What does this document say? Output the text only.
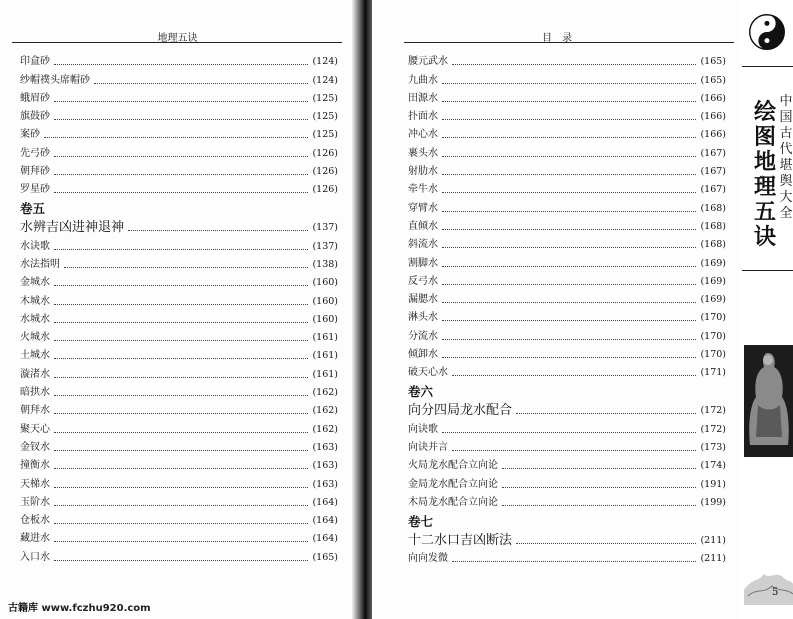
地理五诀
印盒砂	(124)
纱帽襆头席帽砂	(124)
蛾眉砂	(125)
旗鼓砂	(125)
案砂	(125)
先弓砂	(126)
朝拜砂	(126)
罗星砂	(126)
卷五
水辨吉凶进神退神	(137)
水诀歌	(137)
水法指明	(138)
金城水	(160)
木城水	(160)
水城水	(160)
火城水	(161)
土城水	(161)
漩渚水	(161)
暗拱水	(162)
朝拜水	(162)
聚天心	(162)
金钗水	(163)
撞衡水	(163)
天梯水	(163)
玉阶水	(164)
仓板水	(164)
藏进水	(164)
入口水	(165)
古籍库 www.fczhu920.com
目　录
腰元武水	(165)
九曲水	(165)
田源水	(166)
扑面水	(166)
冲心水	(166)
裹头水	(167)
射肋水	(167)
牵牛水	(167)
穿臂水	(168)
直倾水	(168)
斜流水	(168)
割脚水	(169)
反弓水	(169)
漏腮水	(169)
淋头水	(170)
分流水	(170)
倾卸水	(170)
破天心水	(171)
卷六
向分四局龙水配合	(172)
向诀歌	(172)
向诀并言	(173)
火局龙水配合立向论	(174)
金局龙水配合立向论	(191)
木局龙水配合立向论	(199)
卷七
十二水口吉凶断法	(211)
向向发微	(211)
绘图地理五诀
中国古代堪舆大全
5
